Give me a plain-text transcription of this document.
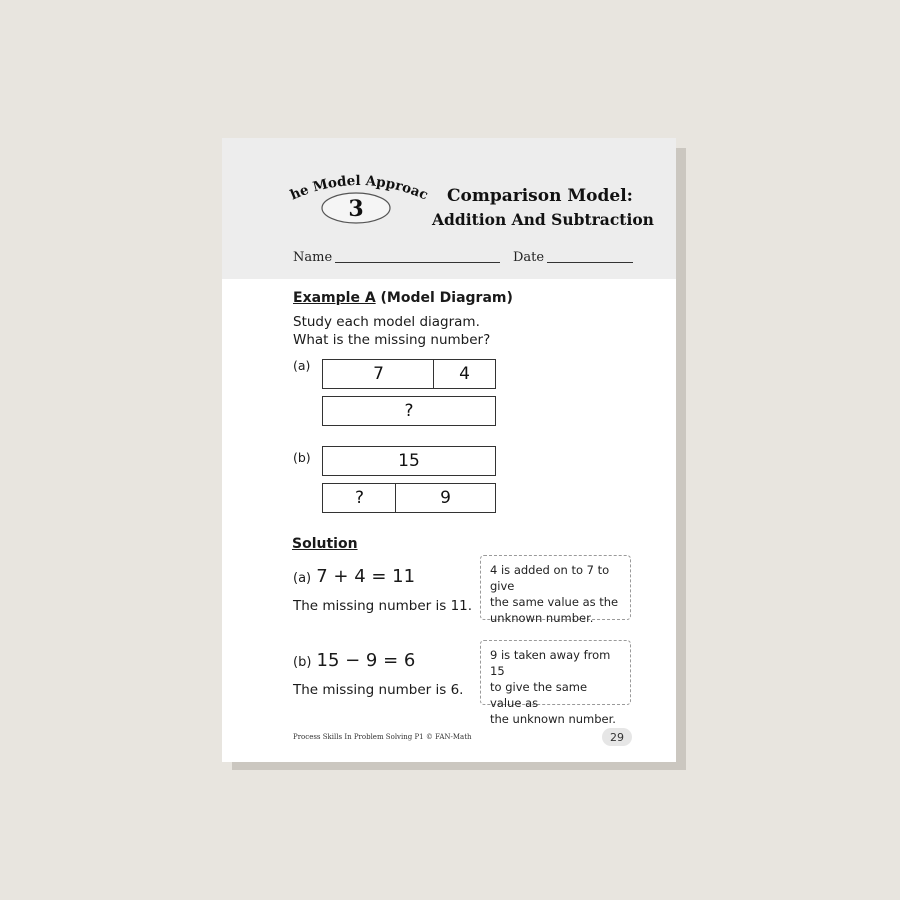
he Model Approac
3	Comparison Model:
Addition And Subtraction
Name	Date
Example A (Model Diagram)
Study each model diagram.
What is the missing number?
(a)	7	4
?
(b)	15
?	9
Solution
(a) 7 + 4 = 11
The missing number is 11.
4 is added on to 7 to give
the same value as the
unknown number.
(b) 15 − 9 = 6
The missing number is 6.
9 is taken away from 15
to give the same value as
the unknown number.
Process Skills In Problem Solving P1 © FAN-Math	29
